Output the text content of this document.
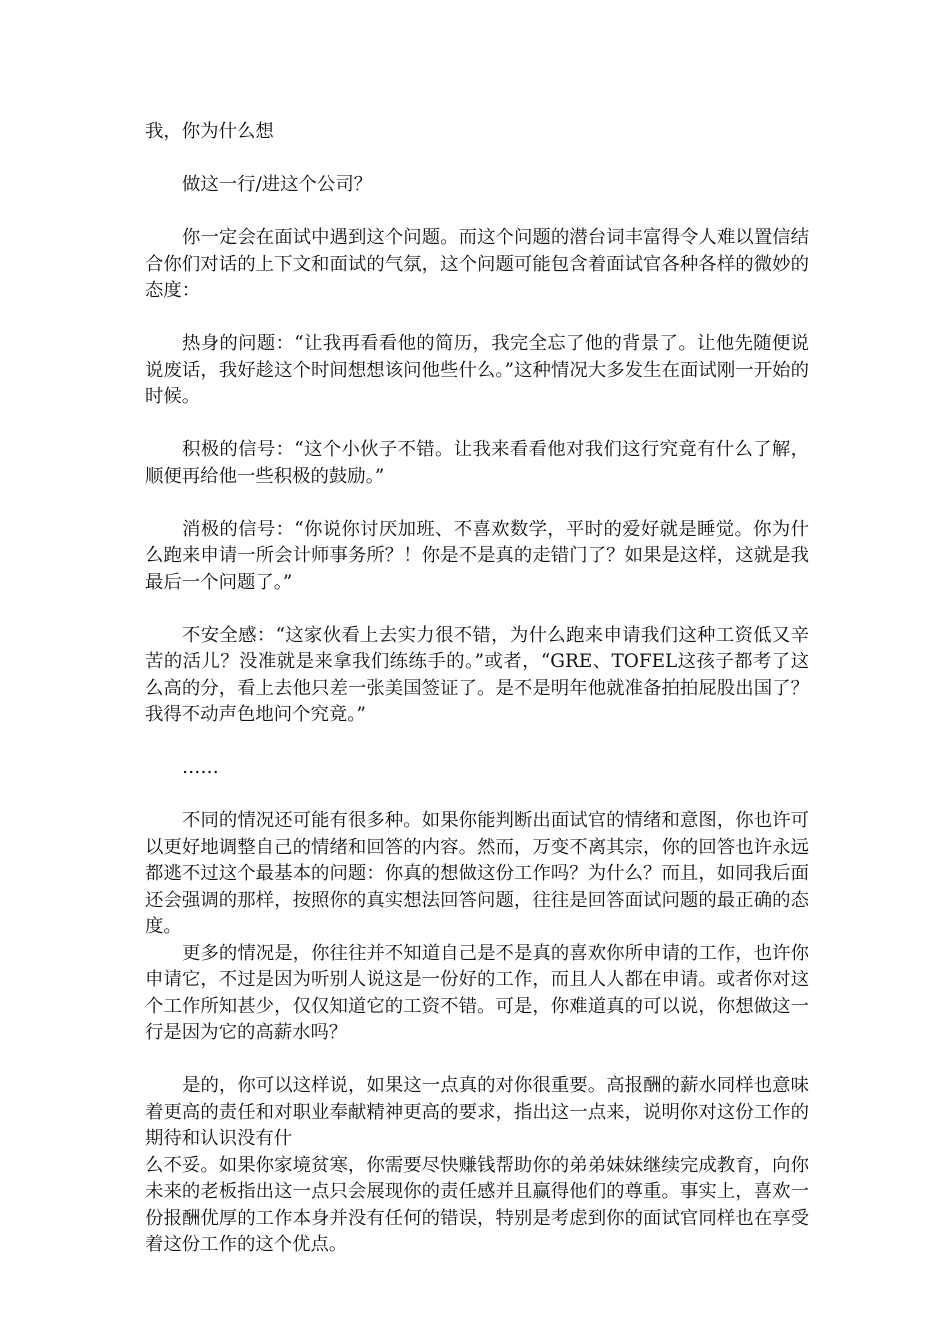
我，你为什么想

做这一行/进这个公司？

你一定会在面试中遇到这个问题。而这个问题的潜台词丰富得令人难以置信结合你们对话的上下文和面试的气氛，这个问题可能包含着面试官各种各样的微妙的态度：

热身的问题：“让我再看看他的简历，我完全忘了他的背景了。让他先随便说说废话，我好趁这个时间想想该问他些什么。”这种情况大多发生在面试刚一开始的时候。

积极的信号：“这个小伙子不错。让我来看看他对我们这行究竟有什么了解，顺便再给他一些积极的鼓励。”

消极的信号：“你说你讨厌加班、不喜欢数学，平时的爱好就是睡觉。你为什么跑来申请一所会计师事务所？！你是不是真的走错门了？如果是这样，这就是我最后一个问题了。”

不安全感：“这家伙看上去实力很不错，为什么跑来申请我们这种工资低又辛苦的活儿？没准就是来拿我们练练手的。”或者，“GRE、TOFEL这孩子都考了这么高的分，看上去他只差一张美国签证了。是不是明年他就准备拍拍屁股出国了？我得不动声色地问个究竟。”

……

不同的情况还可能有很多种。如果你能判断出面试官的情绪和意图，你也许可以更好地调整自己的情绪和回答的内容。然而，万变不离其宗，你的回答也许永远都逃不过这个最基本的问题：你真的想做这份工作吗？为什么？而且，如同我后面还会强调的那样，按照你的真实想法回答问题，往往是回答面试问题的最正确的态度。

更多的情况是，你往往并不知道自己是不是真的喜欢你所申请的工作，也许你申请它，不过是因为听别人说这是一份好的工作，而且人人都在申请。或者你对这个工作所知甚少，仅仅知道它的工资不错。可是，你难道真的可以说，你想做这一行是因为它的高薪水吗？

是的，你可以这样说，如果这一点真的对你很重要。高报酬的薪水同样也意味着更高的责任和对职业奉献精神更高的要求，指出这一点来，说明你对这份工作的期待和认识没有什

么不妥。如果你家境贫寒，你需要尽快赚钱帮助你的弟弟妹妹继续完成教育，向你未来的老板指出这一点只会展现你的责任感并且赢得他们的尊重。事实上，喜欢一份报酬优厚的工作本身并没有任何的错误，特别是考虑到你的面试官同样也在享受着这份工作的这个优点。
